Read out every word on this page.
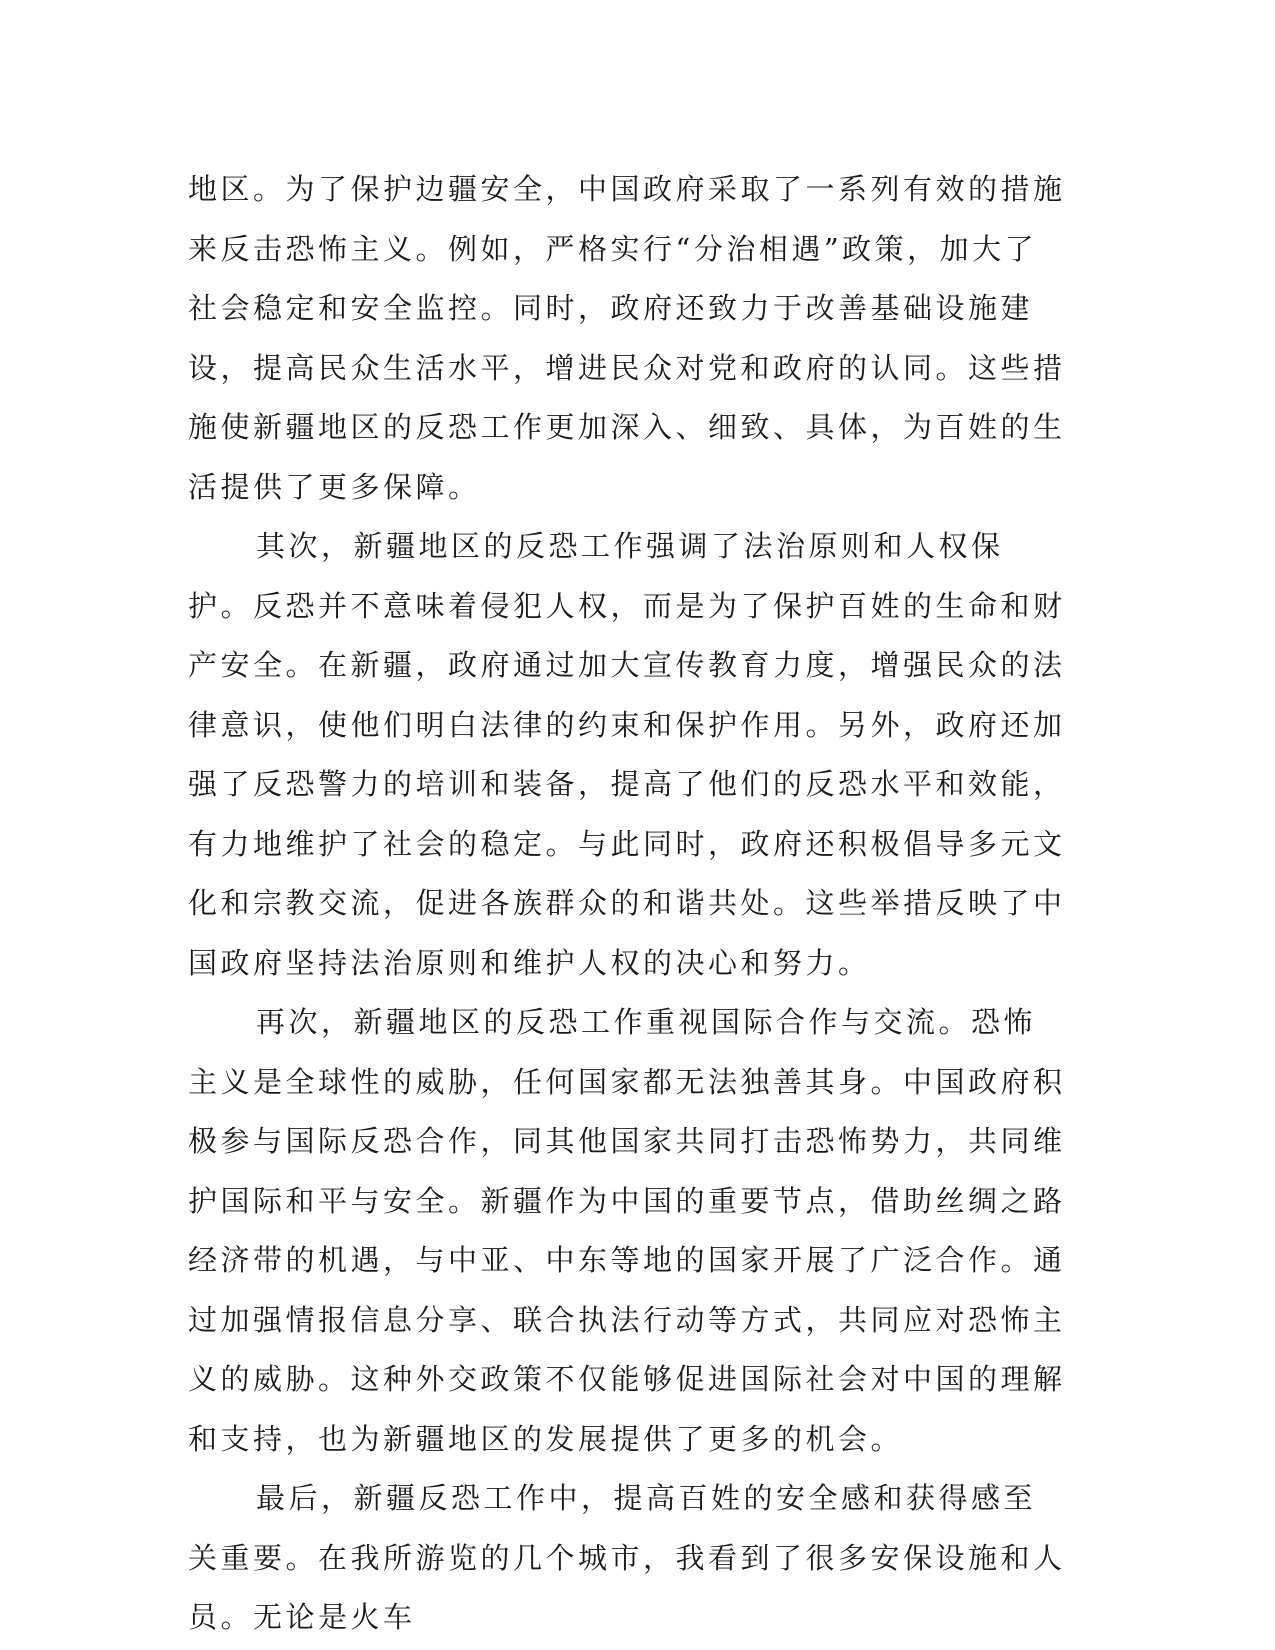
地区。为了保护边疆安全，中国政府采取了一系列有效的措施来反击恐怖主义。例如，严格实行“分治相遇”政策，加大了社会稳定和安全监控。同时，政府还致力于改善基础设施建设，提高民众生活水平，增进民众对党和政府的认同。这些措施使新疆地区的反恐工作更加深入、细致、具体，为百姓的生活提供了更多保障。

其次，新疆地区的反恐工作强调了法治原则和人权保护。反恐并不意味着侵犯人权，而是为了保护百姓的生命和财产安全。在新疆，政府通过加大宣传教育力度，增强民众的法律意识，使他们明白法律的约束和保护作用。另外，政府还加强了反恐警力的培训和装备，提高了他们的反恐水平和效能，有力地维护了社会的稳定。与此同时，政府还积极倡导多元文化和宗教交流，促进各族群众的和谐共处。这些举措反映了中国政府坚持法治原则和维护人权的决心和努力。

再次，新疆地区的反恐工作重视国际合作与交流。恐怖主义是全球性的威胁，任何国家都无法独善其身。中国政府积极参与国际反恐合作，同其他国家共同打击恐怖势力，共同维护国际和平与安全。新疆作为中国的重要节点，借助丝绸之路经济带的机遇，与中亚、中东等地的国家开展了广泛合作。通过加强情报信息分享、联合执法行动等方式，共同应对恐怖主义的威胁。这种外交政策不仅能够促进国际社会对中国的理解和支持，也为新疆地区的发展提供了更多的机会。

最后，新疆反恐工作中，提高百姓的安全感和获得感至关重要。在我所游览的几个城市，我看到了很多安保设施和人员。无论是火车
